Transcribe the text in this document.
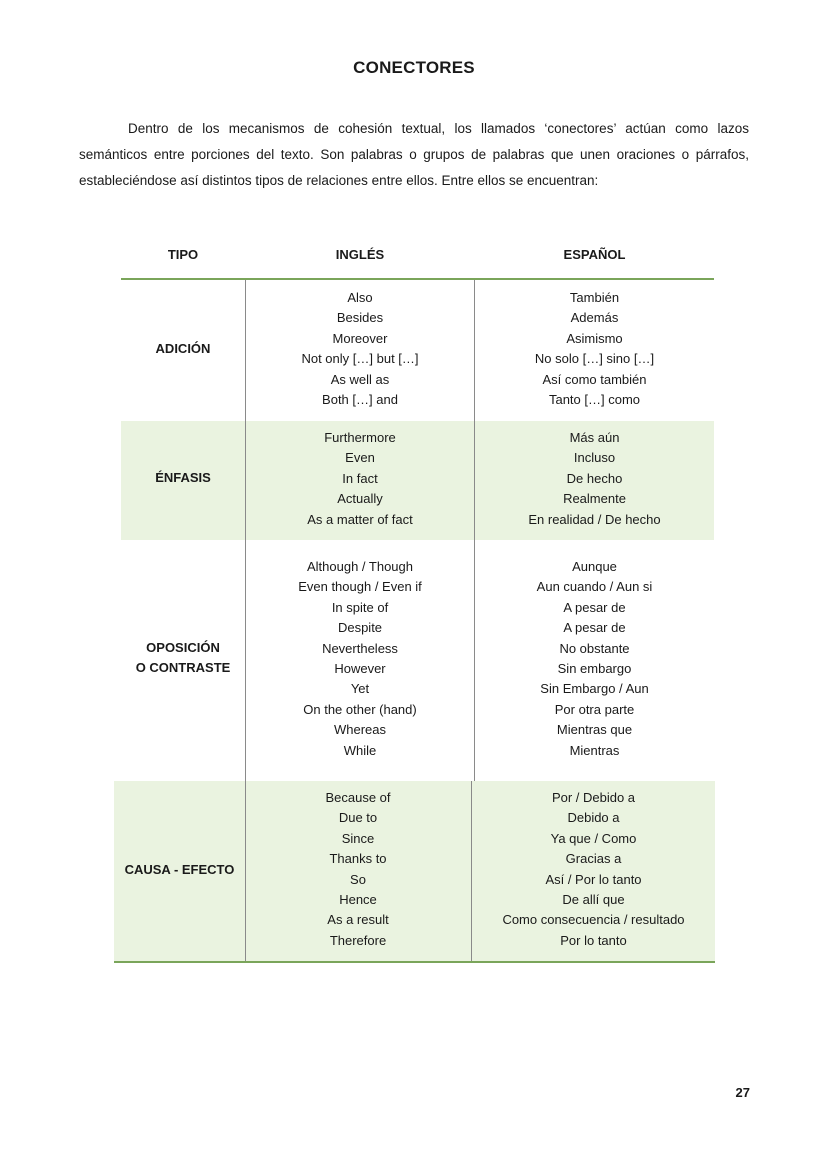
CONECTORES
Dentro de los mecanismos de cohesión textual, los llamados ‘conectores’ actúan como lazos semánticos entre porciones del texto. Son palabras o grupos de palabras que unen oraciones o párrafos, estableciéndose así distintos tipos de relaciones entre ellos. Entre ellos se encuentran:
TIPO	INGLÉS	ESPAÑOL
ADICIÓN
Also
Besides
Moreover
Not only […] but […]
As well as
Both […] and
También
Además
Asimismo
No solo […] sino […]
Así como también
Tanto […] como
ÉNFASIS
Furthermore
Even
In fact
Actually
As a matter of fact
Más aún
Incluso
De hecho
Realmente
En realidad / De hecho
OPOSICIÓN
O CONTRASTE
Although / Though
Even though / Even if
In spite of
Despite
Nevertheless
However
Yet
On the other (hand)
Whereas
While
Aunque
Aun cuando / Aun si
A pesar de
A pesar de
No obstante
Sin embargo
Sin Embargo / Aun
Por otra parte
Mientras que
Mientras
CAUSA - EFECTO
Because of
Due to
Since
Thanks to
So
Hence
As a result
Therefore
Por / Debido a
Debido a
Ya que / Como
Gracias a
Así / Por lo tanto
De allí que
Como consecuencia / resultado
Por lo tanto
27
